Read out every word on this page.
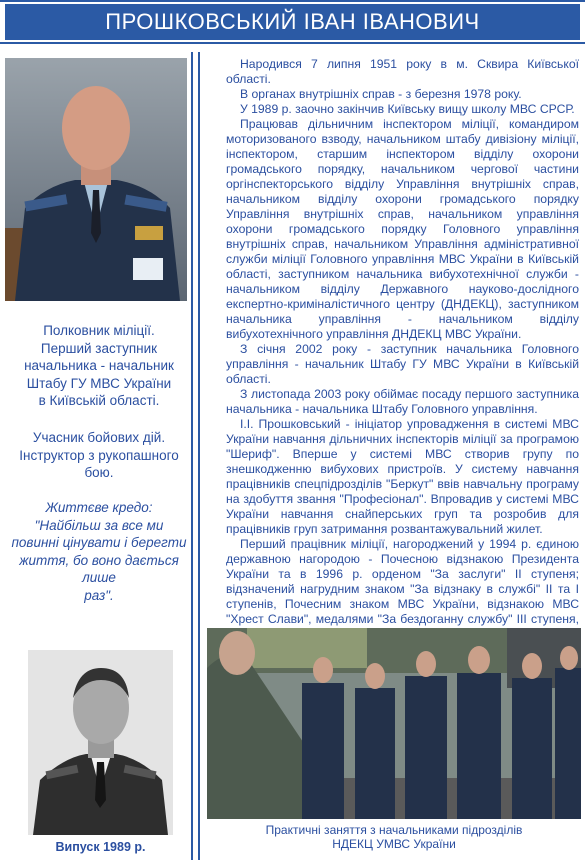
ПРОШКОВСЬКИЙ ІВАН ІВАНОВИЧ
Полковник міліції.
Перший заступник
начальника - начальник
Штабу ГУ МВС України
в Київській області.
Учасник бойових дій.
Інструктор з рукопашного
бою.
Життєве кредо:
"Найбільш за все ми
повинні цінувати і берегти
життя, бо воно дається лише
раз".
Випуск 1989 р.

Народився 7 липня 1951 року в м. Сквира Київської області.

В органах внутрішніх справ - з березня 1978 року.

У 1989 р. заочно закінчив Київську вищу школу МВС СРСР.

Працював дільничним інспектором міліції, командиром моторизованого взводу, начальником штабу дивізіону міліції, інспектором, старшим інспектором відділу охорони громадського порядку, начальником чергової частини оргінспекторського відділу Управління внутрішніх справ, начальником відділу охорони громадського порядку Управління внутрішніх справ, начальником управління охорони громадського порядку Головного управління внутрішніх справ, начальником Управління адміністративної служби міліції Головного управління МВС України в Київській області, заступником начальника вибухотехнічної служби - начальником відділу Державного науково-дослідного експертно-криміналістичного центру (ДНДЕКЦ), заступником начальника управління - начальником відділу вибухотехнічного управління ДНДЕКЦ МВС України.

З січня 2002 року - заступник начальника Головного управління - начальник Штабу ГУ МВС України в Київській області.

З листопада 2003 року обіймає посаду першого заступника начальника - начальника Штабу Головного управління.

І.І. Прошковський - ініціатор упровадження в системі МВС України навчання дільничних інспекторів міліції за програмою "Шериф". Вперше у системі МВС створив групу по знешкодженню вибухових пристроїв. У систему навчання працівників спецпідрозділів "Беркут" ввів навчальну програму на здобуття звання "Професіонал". Впровадив у системі МВС України навчання снайперських груп та розробив для працівників груп затримання розвантажувальний жилет.

Перший працівник міліції, нагороджений у 1994 р. єдиною державною нагородою - Почесною відзнакою Президента України та в 1996 р. орденом "За заслуги" ІІ ступеня; відзначений нагрудним знаком "За відзнаку в службі" ІІ та І ступенів, Почесним знаком МВС України, відзнакою МВС "Хрест Слави", медалями "За бездоганну службу" ІІІ ступеня,

Практичні заняття з начальниками підрозділів
НДЕКЦ УМВС України
